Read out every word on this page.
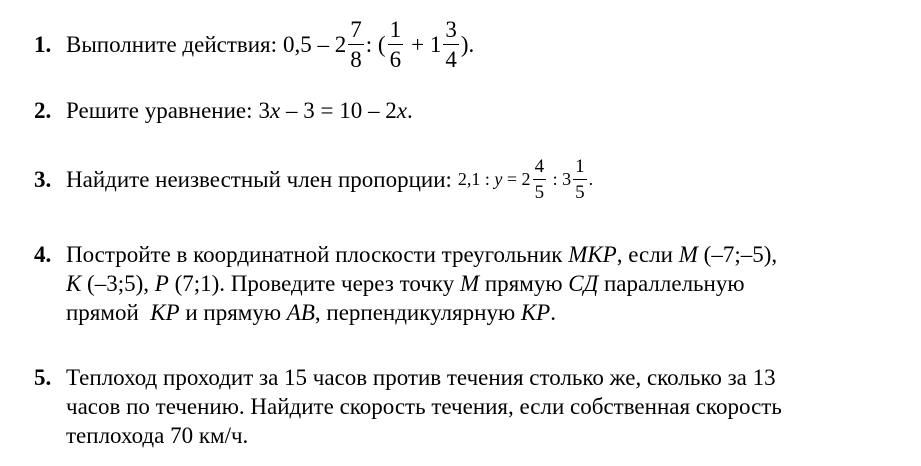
1. Выполните действия: $0,5 - 2 \frac{7}{8}$ : ( $\frac{1}{6} + 1 \frac{3}{4}$ ).
2. Решите уравнение: 3 x – 3 = 10 – 2 x .
3. Найдите неизвестный член пропорции: 2,1 : $y = 2 \frac{4}{5}$ : $3 \frac{1}{5}$ .
4. Постройте в координатной плоскости треугольник МКР, если М (–7;–5),
К (–3;5), Р (7;1). Проведите через точку М прямую СД параллельную
прямой  КР и прямую АВ, перпендикулярную КР.
5. Теплоход проходит за 15 часов против течения столько же, сколько за 13
часов по течению. Найдите скорость течения, если собственная скорость
теплохода 70 км/ч.
